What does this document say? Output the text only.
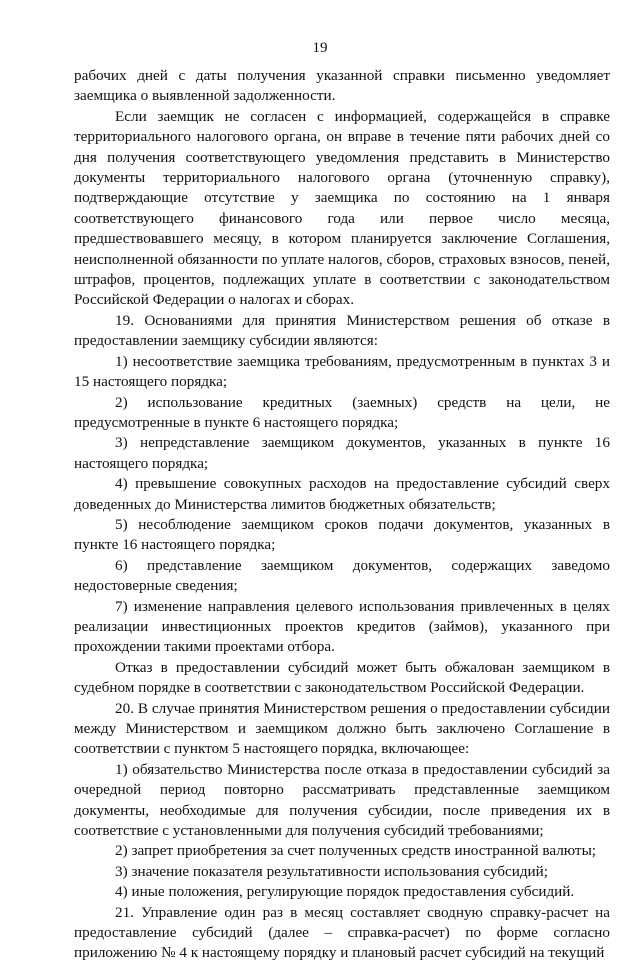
19

рабочих дней с даты получения указанной справки письменно уведомляет заемщика о выявленной задолженности.

Если заемщик не согласен с информацией, содержащейся в справке территориального налогового органа, он вправе в течение пяти рабочих дней со дня получения соответствующего уведомления представить в Министерство документы территориального налогового органа (уточненную справку), подтверждающие отсутствие у заемщика по состоянию на 1 января соответствующего финансового года или первое число месяца, предшествовавшего месяцу, в котором планируется заключение Соглашения, неисполненной обязанности по уплате налогов, сборов, страховых взносов, пеней, штрафов, процентов, подлежащих уплате в соответствии с законодательством Российской Федерации о налогах и сборах.

19. Основаниями для принятия Министерством решения об отказе в предоставлении заемщику субсидии являются:

1) несоответствие заемщика требованиям, предусмотренным в пунктах 3 и 15 настоящего порядка;

2) использование кредитных (заемных) средств на цели, не предусмотренные в пункте 6 настоящего порядка;

3) непредставление заемщиком документов, указанных в пункте 16 настоящего порядка;

4) превышение совокупных расходов на предоставление субсидий сверх доведенных до Министерства лимитов бюджетных обязательств;

5) несоблюдение заемщиком сроков подачи документов, указанных в пункте 16 настоящего порядка;

6) представление заемщиком документов, содержащих заведомо недостоверные сведения;

7) изменение направления целевого использования привлеченных в целях реализации инвестиционных проектов кредитов (займов), указанного при прохождении такими проектами отбора.

Отказ в предоставлении субсидий может быть обжалован заемщиком в судебном порядке в соответствии с законодательством Российской Федерации.

20. В случае принятия Министерством решения о предоставлении субсидии между Министерством и заемщиком должно быть заключено Соглашение в соответствии с пунктом 5 настоящего порядка, включающее:

1) обязательство Министерства после отказа в предоставлении субсидий за очередной период повторно рассматривать представленные заемщиком документы, необходимые для получения субсидии, после приведения их в соответствие с установленными для получения субсидий требованиями;

2) запрет приобретения за счет полученных средств иностранной валюты;

3) значение показателя результативности использования субсидий;

4) иные положения, регулирующие порядок предоставления субсидий.

21. Управление один раз в месяц составляет сводную справку-расчет на предоставление субсидий (далее – справка-расчет) по форме согласно приложению № 4 к настоящему порядку и плановый расчет субсидий на текущий
